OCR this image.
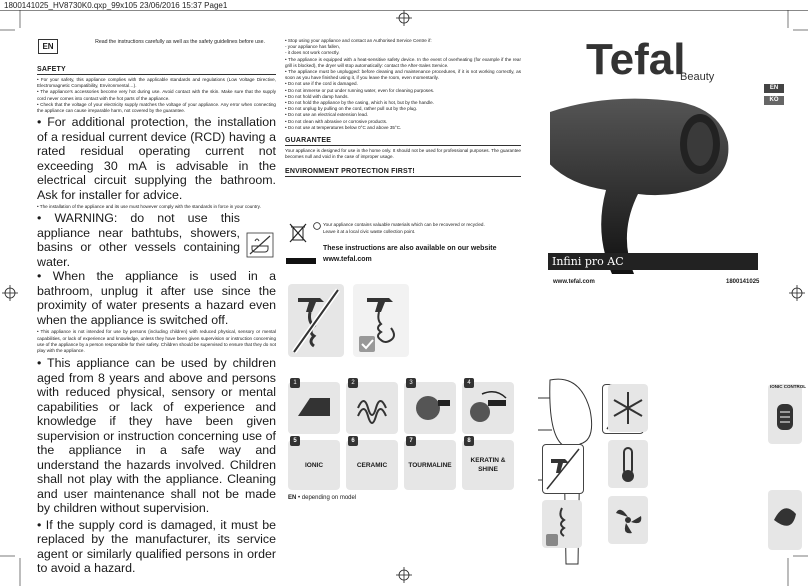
1800141025_HV8730K0.qxp_99x105 23/06/2016 15:37 Page1
EN	Read the instructions carefully as well as the safety guidelines before use.
SAFETY

• For your safety, this appliance complies with the applicable standards and regulations (Low Voltage Directive, Electromagnetic Compatibility, Environmental…).

• The appliance's accessories become very hot during use. Avoid contact with the skin. Make sure that the supply cord never comes into contact with the hot parts of the appliance.

• Check that the voltage of your electricity supply matches the voltage of your appliance. Any error when connecting the appliance can cause irreparable harm, not covered by the guarantee.

• For additional protection, the installation of a residual current device (RCD) having a rated residual operating current not exceeding 30 mA is advisable in the electrical circuit supplying the bathroom. Ask for installer for advice.

• The installation of the appliance and its use must however comply with the standards in force in your country.

• WARNING: do not use this appliance near bathtubs, showers, basins or other vessels containing water.

• When the appliance is used in a bathroom, unplug it after use since the proximity of water presents a hazard even when the appliance is switched off.

• This appliance is not intended for use by persons (including children) with reduced physical, sensory or mental capabilities, or lack of experience and knowledge, unless they have been given supervision or instruction concerning use of the appliance by a person responsible for their safety. Children should be supervised to ensure that they do not play with the appliance.

• This appliance can be used by children aged from 8 years and above and persons with reduced physical, sensory or mental capabilities or lack of experience and knowledge if they have been given supervision or instruction concerning use of the appliance in a safe way and understand the hazards involved. Children shall not play with the appliance. Cleaning and user maintenance shall not be made by children without supervision.

• If the supply cord is damaged, it must be replaced by the manufacturer, its service agent or similarly qualified persons in order to avoid a hazard.

• Stop using your appliance and contact an Authorised Service Centre if:

- your appliance has fallen,

- it does not work correctly.

• The appliance is equipped with a heat-sensitive safety device. In the event of overheating (for example if the rear grill is blocked), the dryer will stop automatically: contact the After-Sales Service.

• The appliance must be unplugged: before cleaning and maintenance procedures, if it is not working correctly, as soon as you have finished using it, if you leave the room, even momentarily.

• Do not use if the cord is damaged.

• Do not immerse or put under running water, even for cleaning purposes.

• Do not hold with damp hands.

• Do not hold the appliance by the casing, which is hot, but by the handle.

• Do not unplug by pulling on the cord, rather pull out by the plug.

• Do not use an electrical extension lead.

• Do not clean with abrasive or corrosive products.

• Do not use at temperatures below 0°C and above 35°C.

GUARANTEE

Your appliance is designed for use in the home only. It should not be used for professional purposes. The guarantee becomes null and void in the case of improper usage.

ENVIRONMENT PROTECTION FIRST!
Your appliance contains valuable materials which can be recovered or recycled.
Leave it at a local civic waste collection point.
These instructions are also available on our website
www.tefal.com
1	2	3	4
5
IONIC
6
CERAMIC
7
TOURMALINE
8
KERATIN & SHINE
EN • depending on model
Tefal
Beauty
EN
KO
Infini pro AC
www.tefal.com	1800141025
IONIC CONTROL
